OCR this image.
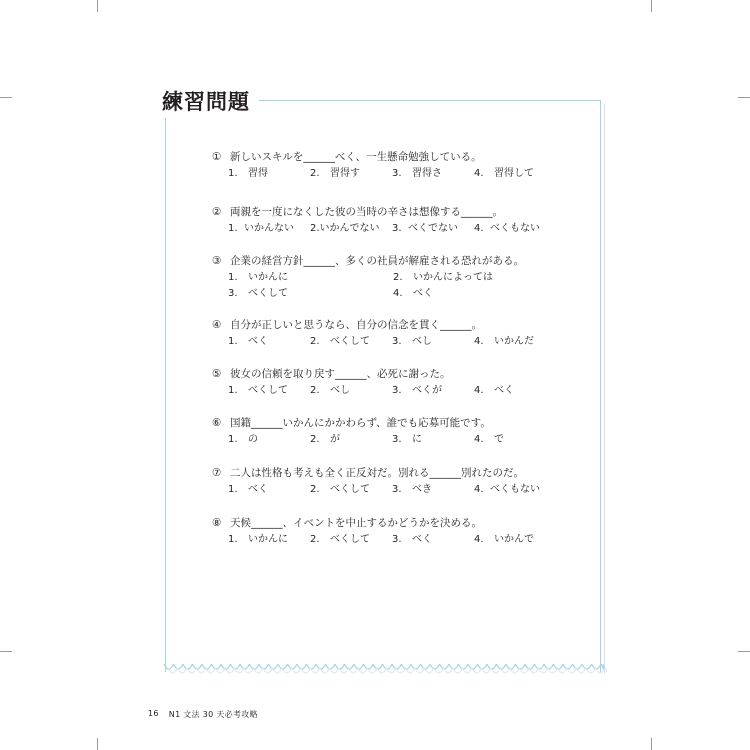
練習問題
① 新しいスキルを______べく、一生懸命勉強している。
1.	習得	2.	習得す	3.	習得さ	4.	習得して
② 両親を一度になくした彼の当時の辛さは想像する______。
1. いかんない	2. いかんでない	3. べくでない	4. べくもない
③ 企業の経営方針______、多くの社員が解雇される恐れがある。
1.	いかんに	2.	いかんによっては
3.	べくして	4.	べく
④ 自分が正しいと思うなら、自分の信念を貫く______。
1.	べく	2.	べくして	3.	べし	4.	いかんだ
⑤ 彼女の信頼を取り戻す______、必死に謝った。
1.	べくして	2.	べし	3.	べくが	4.	べく
⑥ 国籍______いかんにかかわらず、誰でも応募可能です。
1.	の	2.	が	3.	に	4.	で
⑦ 二人は性格も考えも全く正反対だ。別れる______別れたのだ。
1.	べく	2.	べくして	3.	べき	4. べくもない
⑧ 天候______、イベントを中止するかどうかを決める。
1.	いかんに	2.	べくして	3.	べく	4.	いかんで
16 N1 文法 30 天必考攻略
